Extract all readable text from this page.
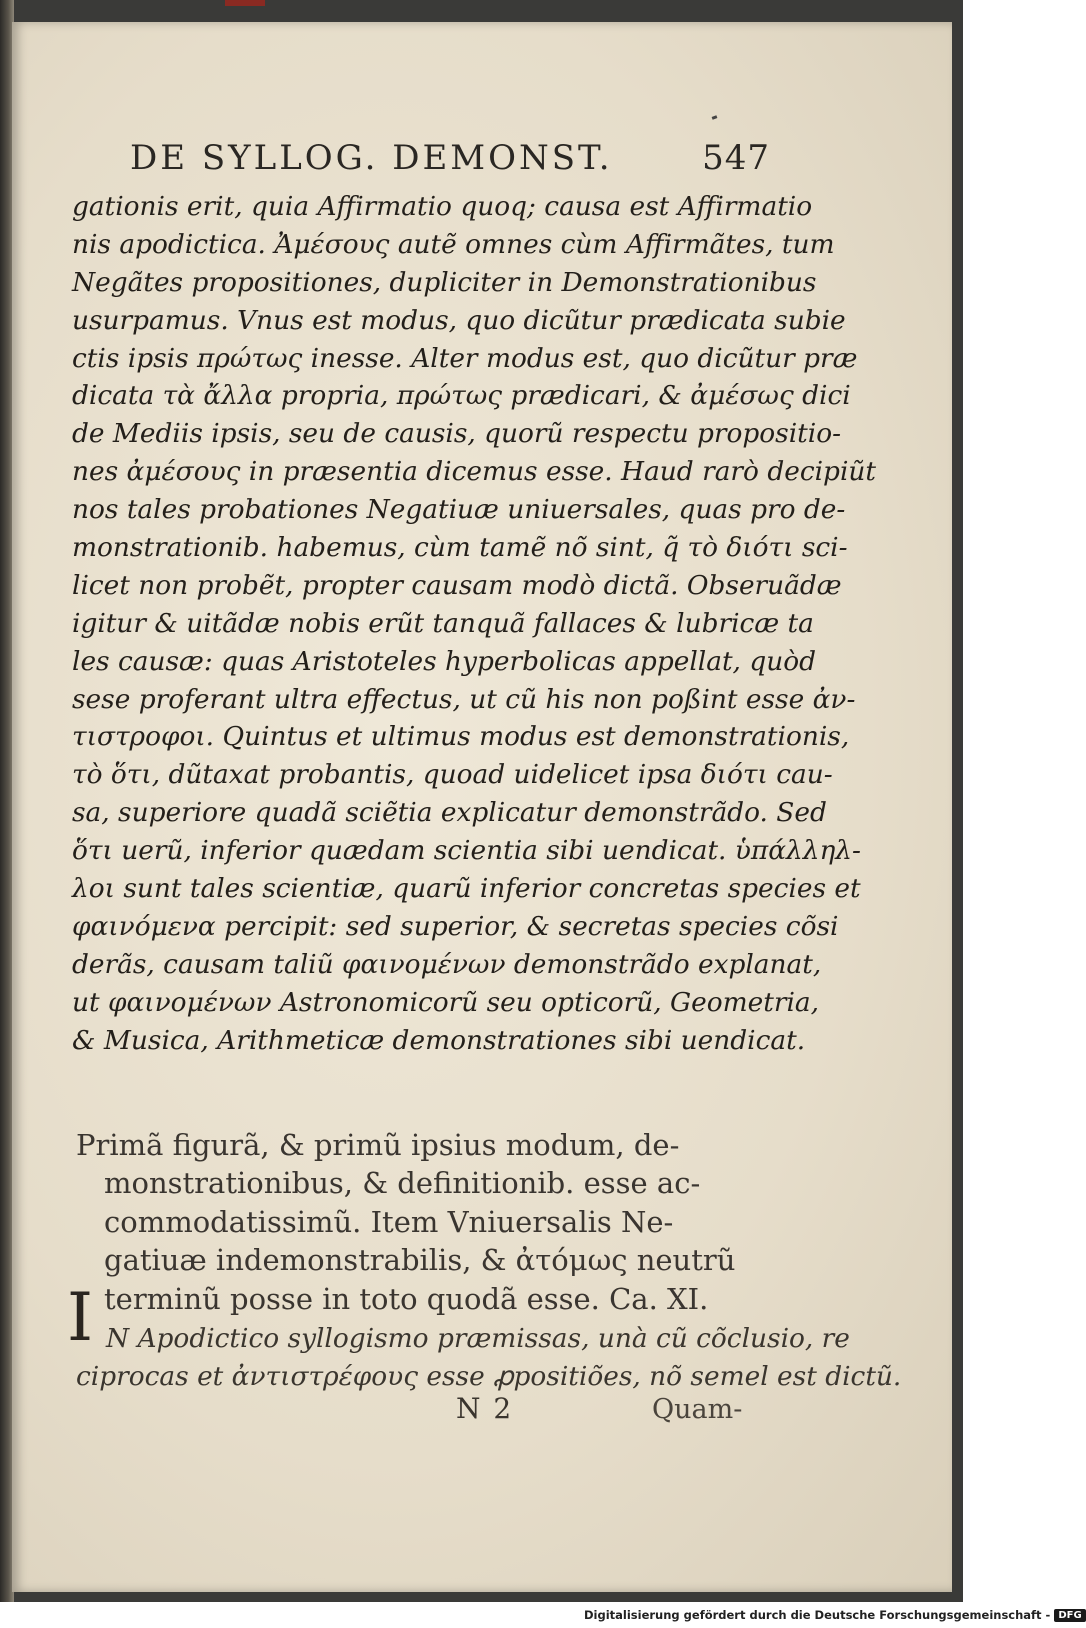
DE SYLLOG. DEMONST.	547
gationis erit, quia Affirmatio quoq; causa est Affirmatio
nis apodictica. Ἀμέσους autẽ omnes cùm Affirmãtes, tum
Negãtes propositiones, dupliciter in Demonstrationibus
usurpamus. Vnus est modus, quo dicũtur prædicata subie
ctis ipsis πρώτως inesse. Alter modus est, quo dicũtur præ
dicata τὰ ἄλλα propria, πρώτως prædicari, & ἀμέσως dici
de Mediis ipsis, seu de causis, quorũ respectu propositio-
nes ἀμέσους in præsentia dicemus esse. Haud rarò decipiũt
nos tales probationes Negatiuæ uniuersales, quas pro de-
monstrationib. habemus, cùm tamẽ nõ sint, q̃ τὸ διότι sci-
licet non probẽt, propter causam modò dictã. Obseruãdæ
igitur & uitãdæ nobis erũt tanquã fallaces & lubricæ ta
les causæ: quas Aristoteles hyperbolicas appellat, quòd
sese proferant ultra effectus, ut cũ his non poßint esse ἀν-
τιστροφοι. Quintus et ultimus modus est demonstrationis,
τὸ ὅτι, dũtaxat probantis, quoad uidelicet ipsa διότι cau-
sa, superiore quadã sciẽtia explicatur demonstrãdo. Sed
ὅτι uerũ, inferior quædam scientia sibi uendicat. ὑπάλληλ-
λοι sunt tales scientiæ, quarũ inferior concretas species et
φαινόμενα percipit: sed superior, & secretas species cõsi
derãs, causam taliũ φαινομένων demonstrãdo explanat,
ut φαινομένων Astronomicorũ seu opticorũ, Geometria,
& Musica, Arithmeticæ demonstrationes sibi uendicat.
Primã figurã, & primũ ipsius modum, de-
monstrationibus, & definitionib. esse ac-
commodatissimũ. Item Vniuersalis Ne-
gatiuæ indemonstrabilis, & ἀτόμως neutrũ
terminũ posse in toto quodã esse. Ca. XI.
I N Apodictico syllogismo præmissas, unà cũ cõclusio, re
ciprocas et ἀντιστρέφους esse ꝓpositiões, nõ semel est dictũ.
N 2	Quam-
Digitalisierung gefördert durch die Deutsche Forschungsgemeinschaft - DFG
